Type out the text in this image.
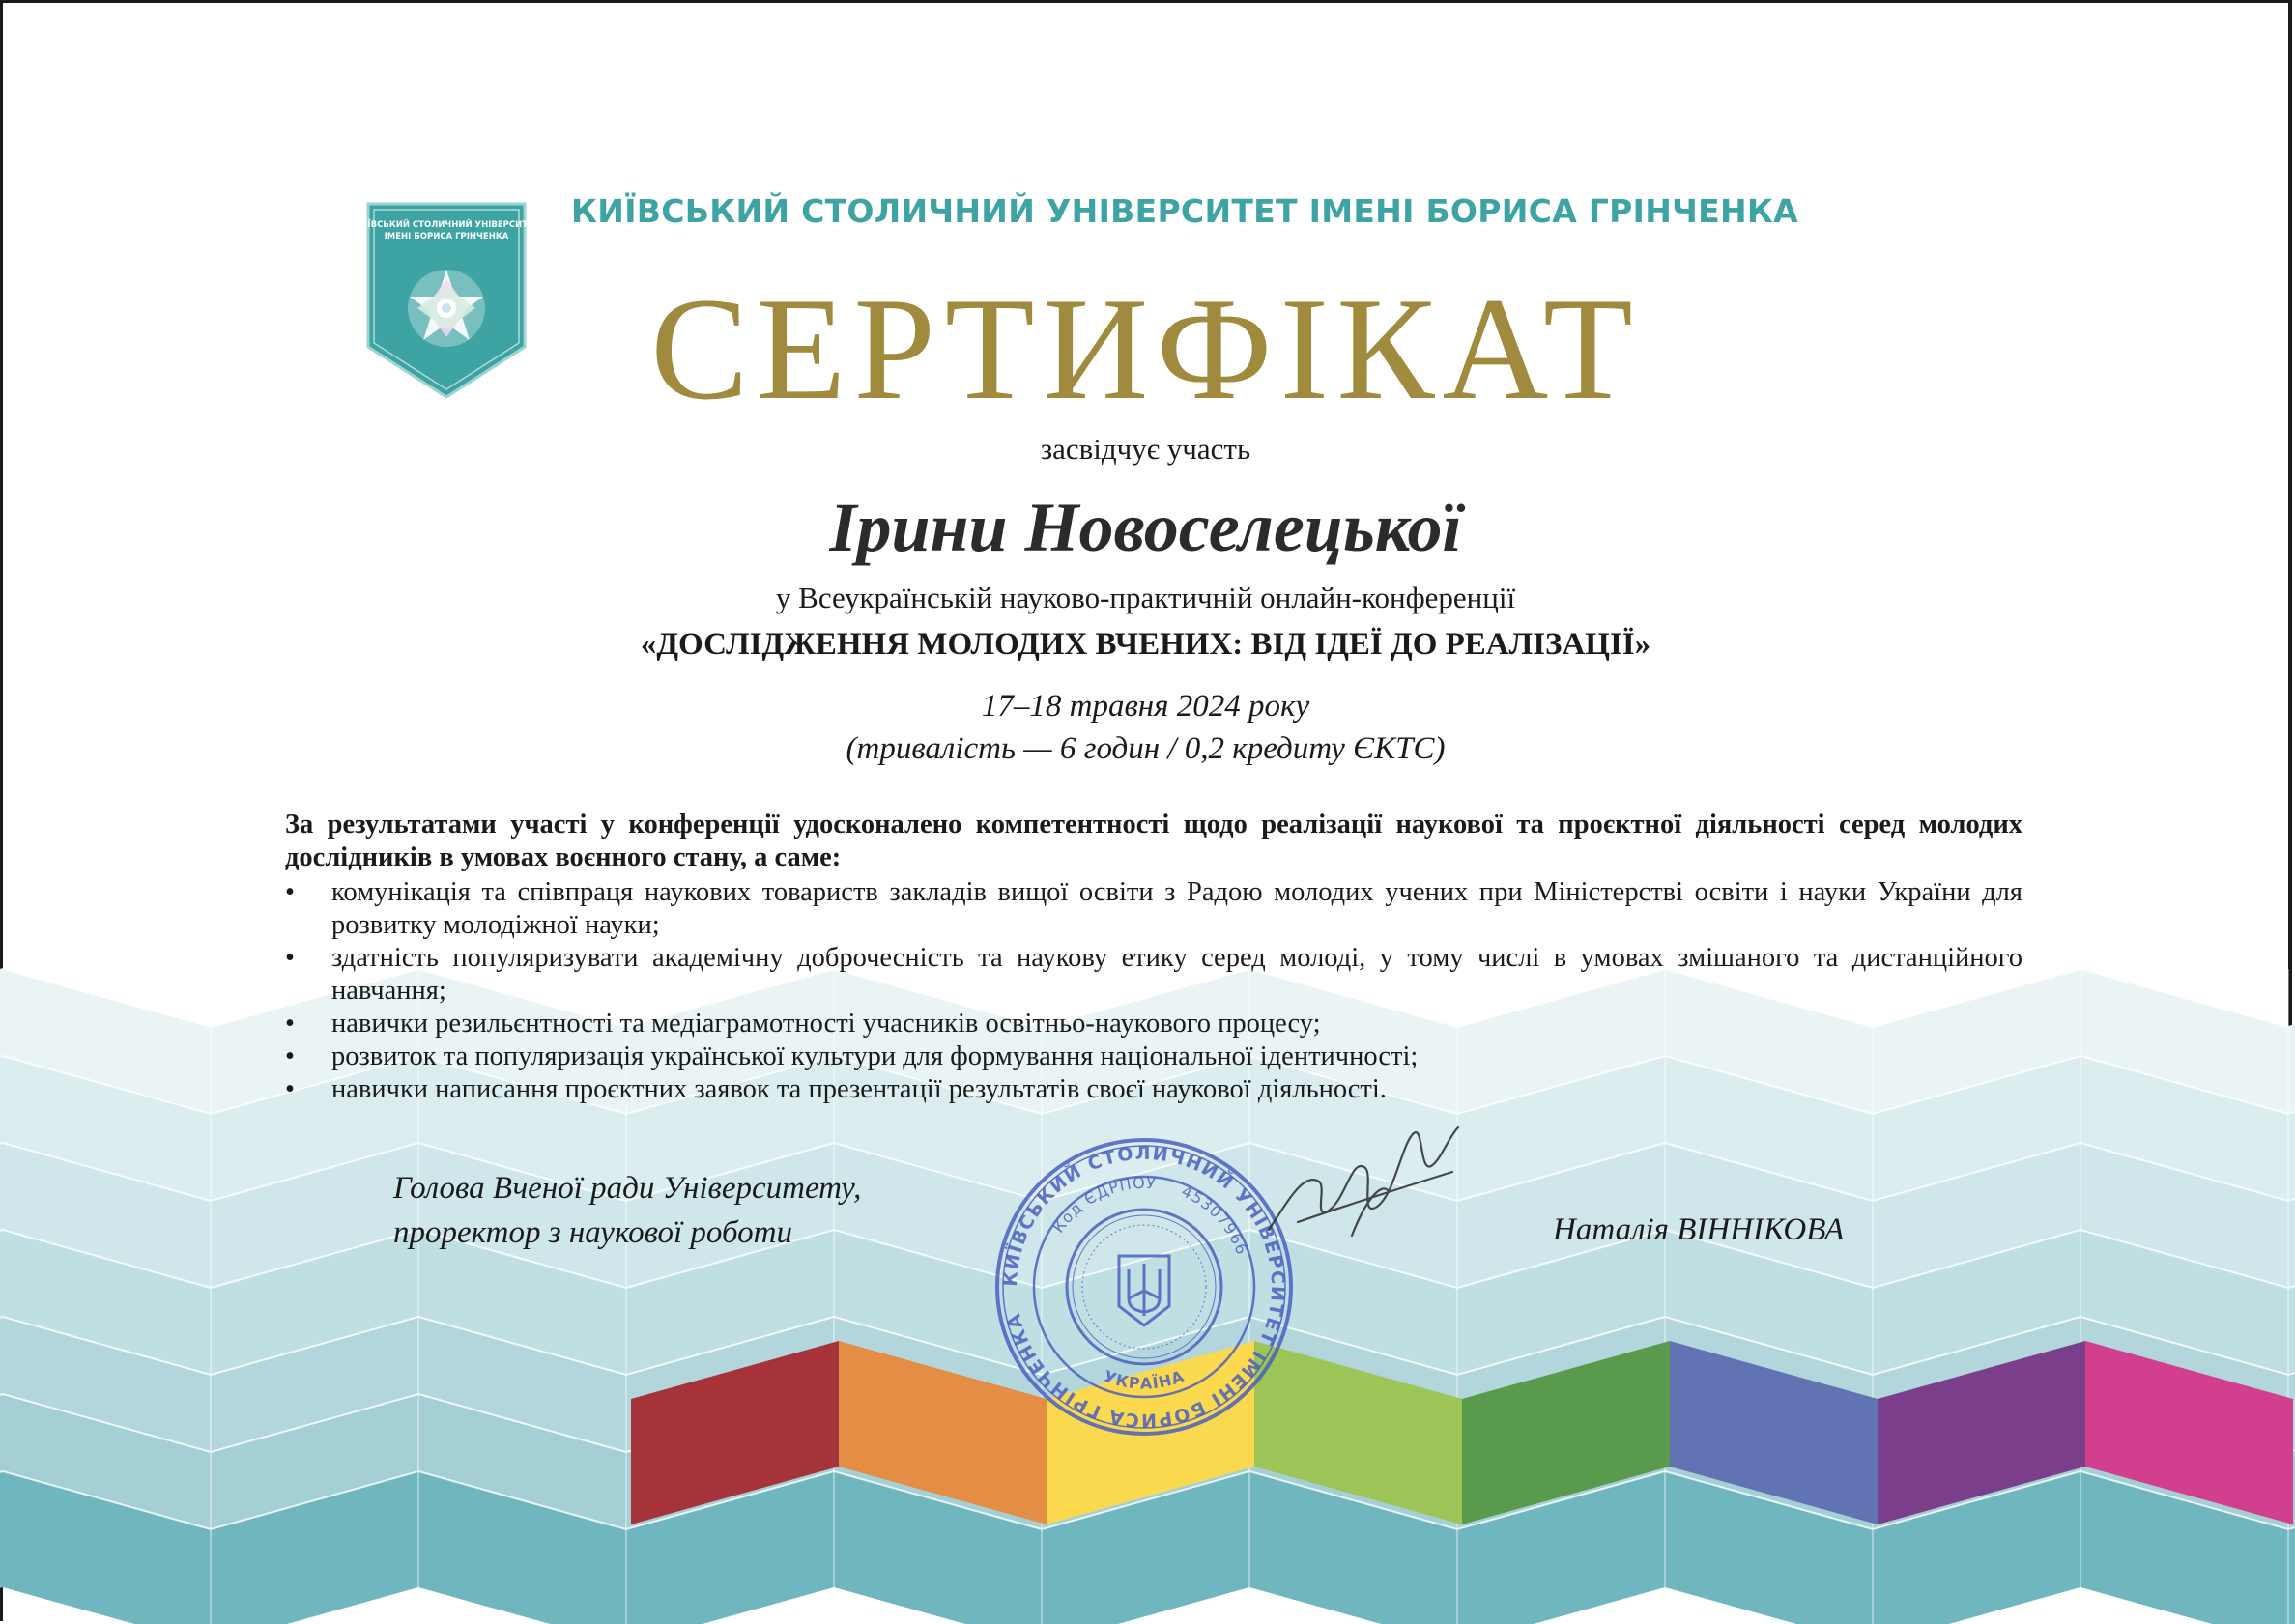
КИЇВСЬКИЙ СТОЛИЧНИЙ УНІВЕРСИТЕТ
ІМЕНІ БОРИСА ГРІНЧЕНКА
КИЇВСЬКИЙ СТОЛИЧНИЙ УНІВЕРСИТЕТ ІМЕНІ БОРИСА ГРІНЧЕНКА
СЕРТИФІКАТ
засвідчує участь
Ірини Новоселецької
у Всеукраїнській науково-практичній онлайн-конференції
«ДОСЛІДЖЕННЯ МОЛОДИХ ВЧЕНИХ: ВІД ІДЕЇ ДО РЕАЛІЗАЦІЇ»
17–18 травня 2024 року
(тривалість — 6 годин / 0,2 кредиту ЄКТС)
За результатами участі у конференції удосконалено компетентності щодо реалізації наукової та проєктної діяльності серед молодих дослідників в умовах воєнного стану, а саме:
•	комунікація та співпраця наукових товариств закладів вищої освіти з Радою молодих учених при Міністерстві освіти і науки України для розвитку молодіжної науки;
•	здатність популяризувати академічну доброчесність та наукову етику серед молоді, у тому числі в умовах змішаного та дистанційного навчання;
•	навички резильєнтності та медіаграмотності учасників освітньо-наукового процесу;
•	розвиток та популяризація української культури для формування національної ідентичності;
•	навички написання проєктних заявок та презентації результатів своєї наукової діяльності.
Голова Вченої ради Університету,
проректор з наукової роботи	Наталія ВІННІКОВА
КИЇВСЬКИЙ СТОЛИЧНИЙ УНІВЕРСИТЕТ ІМЕНІ БОРИСА ГРІНЧЕНКА
Код ЄДРПОУ 45307966
УКРАЇНА
